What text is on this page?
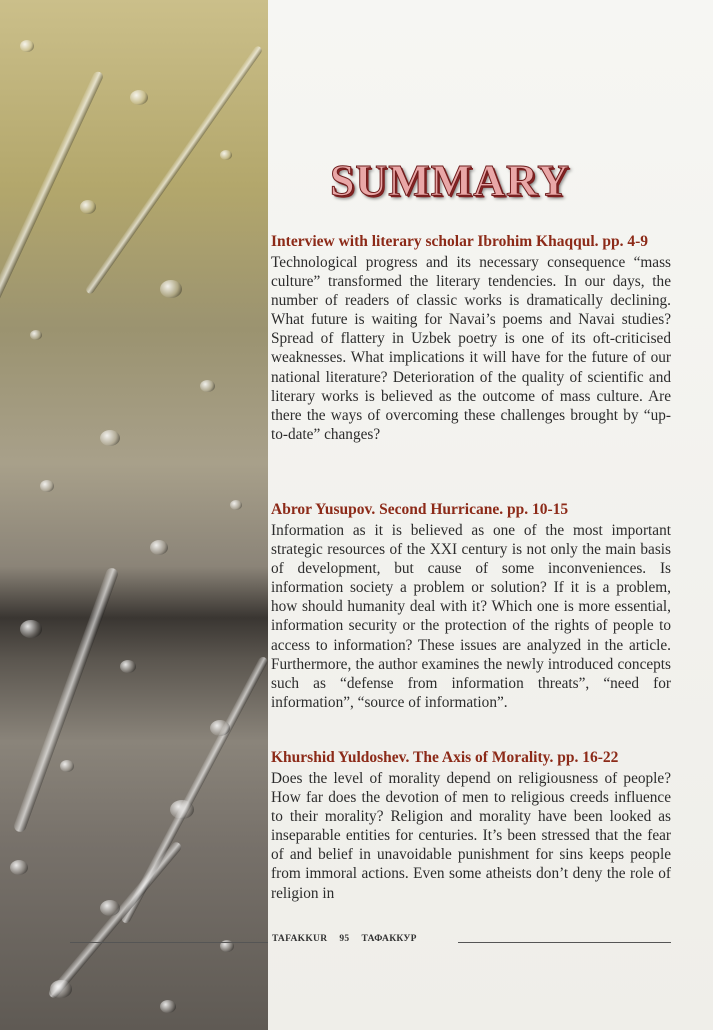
SUMMARY

Interview with literary scholar Ibrohim Khaqqul. pp. 4-9

Technological progress and its necessary consequence “mass culture” transformed the literary tendencies. In our days, the number of readers of classic works is dramatically declining. What future is waiting for Navai’s poems and Navai studies? Spread of flattery in Uzbek poetry is one of its oft-criticised weaknesses. What implications it will have for the future of our national literature? Deterioration of the quality of scientific and literary works is believed as the outcome of mass culture. Are there the ways of overcoming these challenges brought by “up-to-date” changes?

Abror Yusupov. Second Hurricane. pp. 10-15

Information as it is believed as one of the most important strategic resources of the XXI century is not only the main basis of development, but cause of some inconveniences. Is information society a problem or solution? If it is a problem, how should humanity deal with it? Which one is more essential, information security or the protection of the rights of people to access to information? These issues are analyzed in the article. Furthermore, the author examines the newly introduced concepts such as “defense from information threats”, “need for information”, “source of information”.

Khurshid Yuldoshev. The Axis of Morality. pp. 16-22

Does the level of morality depend on religiousness of people? How far does the devotion of men to religious creeds influence to their morality? Religion and morality have been looked as inseparable entities for centuries. It’s been stressed that the fear of and belief in unavoidable punishment for sins keeps people from immoral actions. Even some atheists don’t deny the role of religion in

TAFAKKUR 95 ТАФАККУР
